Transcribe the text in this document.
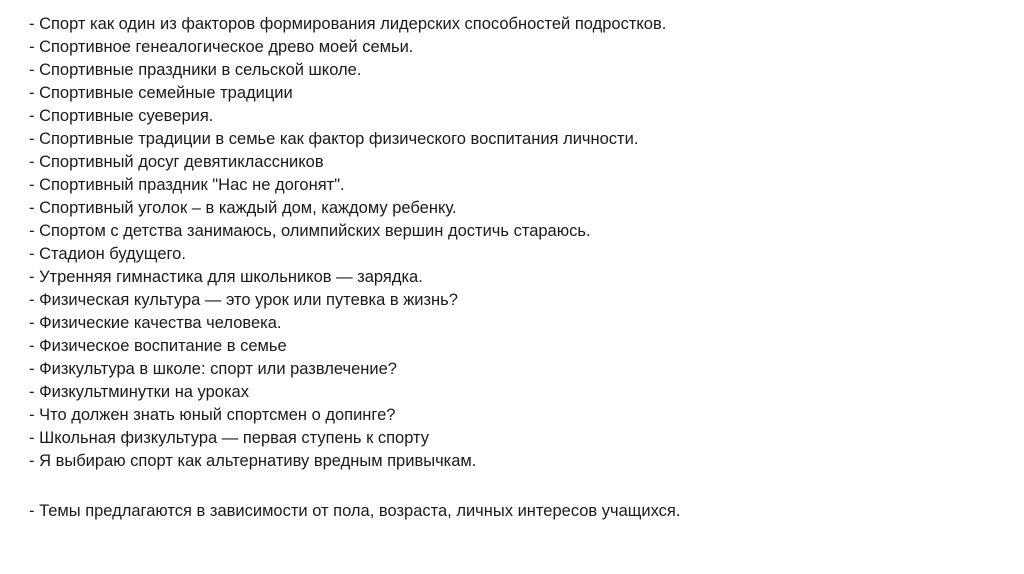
- Спорт как один из факторов формирования лидерских способностей подростков.
- Спортивное генеалогическое древо моей семьи.
- Спортивные праздники в сельской школе.
- Спортивные семейные традиции
- Спортивные суеверия.
- Спортивные традиции в семье как фактор физического воспитания личности.
- Спортивный досуг девятиклассников
- Спортивный праздник "Нас не догонят".
- Спортивный уголок – в каждый дом, каждому ребенку.
- Спортом с детства занимаюсь, олимпийских вершин достичь стараюсь.
- Стадион будущего.
- Утренняя гимнастика для школьников — зарядка.
- Физическая культура — это урок или путевка в жизнь?
- Физические качества человека.
- Физическое воспитание в семье
- Физкультура в школе: спорт или развлечение?
- Физкультминутки на уроках
- Что должен знать юный спортсмен о допинге?
- Школьная физкультура — первая ступень к спорту
- Я выбираю спорт как альтернативу вредным привычкам.

- Темы предлагаются в зависимости от пола, возраста, личных интересов учащихся.
